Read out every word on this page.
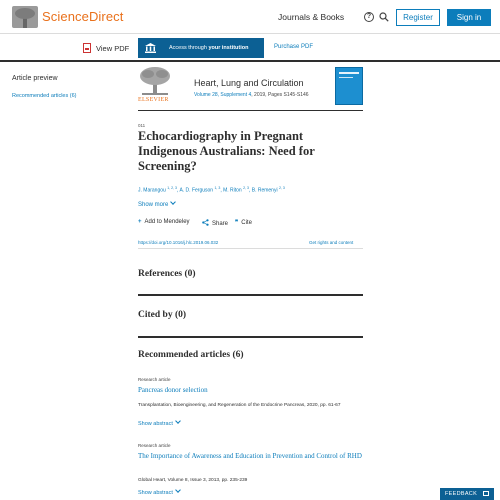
ScienceDirect	Journals & Books	?	Register	Sign in
View PDF	Access through your institution	Purchase PDF
Article preview
Recommended articles (6)
ELSEVIER
Heart, Lung and Circulation
Volume 28, Supplement 4, 2019, Pages S145-S146
011
Echocardiography in Pregnant Indigenous Australians: Need for Screening?
J. Marangou $^{1, 2, 3}$, A. D. Ferguson $^{1, 3}$, M. Riton $^{2, 3}$, B. Remenyi $^{2, 3}$
Show more
+ Add to Mendeley	Share ❞ Cite
https://doi.org/10.1016/j.hlc.2019.06.032	Get rights and content
References (0)
Cited by (0)
Recommended articles (6)
Research article
Pancreas donor selection
Transplantation, Bioengineering, and Regeneration of the Endocrine Pancreas, 2020, pp. 61-67
Show abstract
Research article
The Importance of Awareness and Education in Prevention and Control of RHD
Global Heart, Volume 8, Issue 3, 2013, pp. 235-239
Show abstract	FEEDBACK
